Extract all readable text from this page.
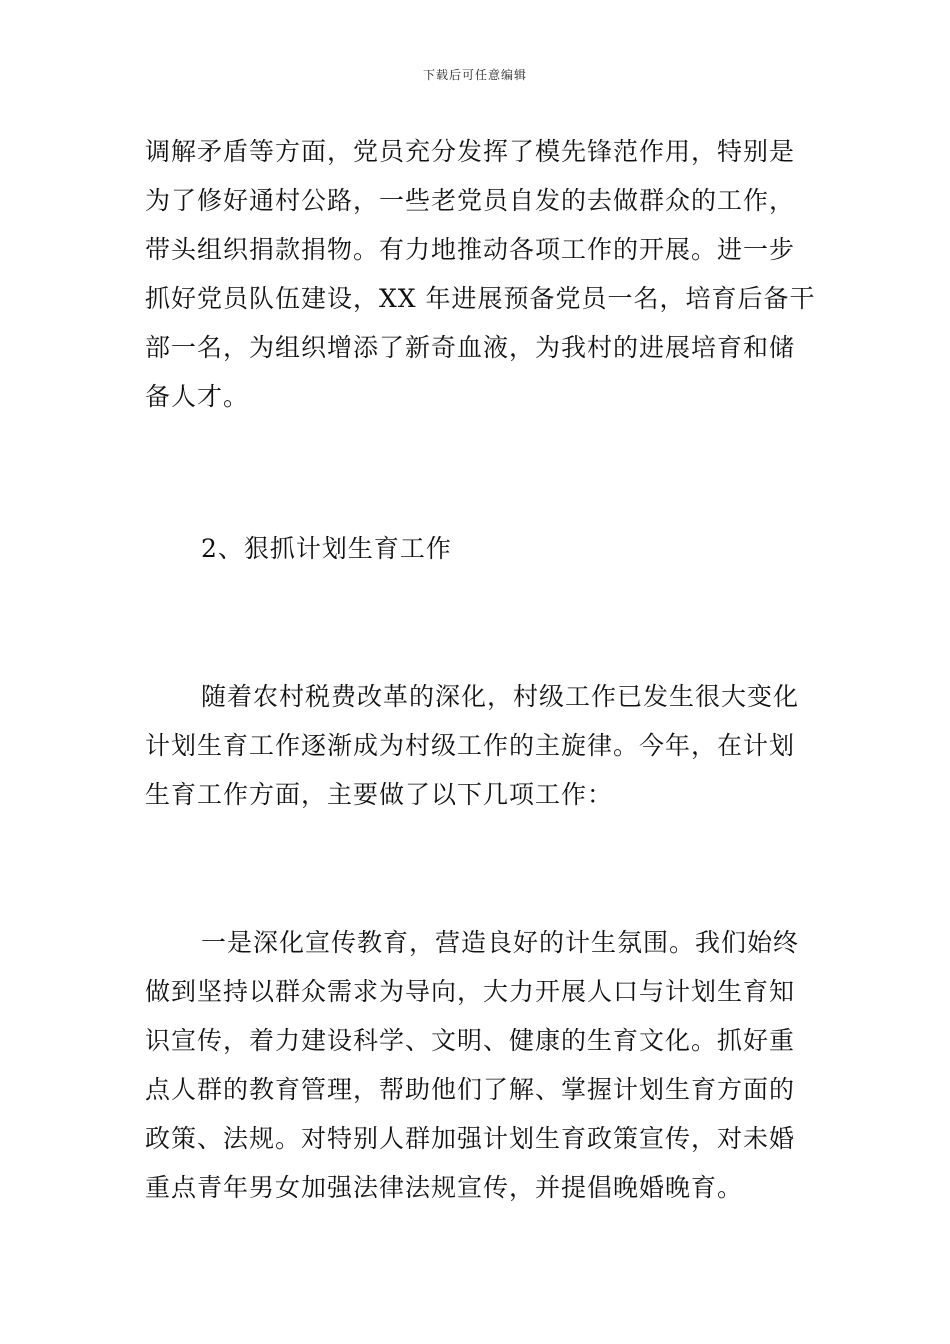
下载后可任意编辑
调解矛盾等方面，党员充分发挥了模先锋范作用，特别是
为了修好通村公路，一些老党员自发的去做群众的工作，
带头组织捐款捐物。有力地推动各项工作的开展。进一步
抓好党员队伍建设，XX 年进展预备党员一名，培育后备干
部一名，为组织增添了新奇血液，为我村的进展培育和储
备人才。
2、狠抓计划生育工作
随着农村税费改革的深化，村级工作已发生很大变化
计划生育工作逐渐成为村级工作的主旋律。今年，在计划
生育工作方面，主要做了以下几项工作：
一是深化宣传教育，营造良好的计生氛围。我们始终
做到坚持以群众需求为导向，大力开展人口与计划生育知
识宣传，着力建设科学、文明、健康的生育文化。抓好重
点人群的教育管理，帮助他们了解、掌握计划生育方面的
政策、法规。对特别人群加强计划生育政策宣传，对未婚
重点青年男女加强法律法规宣传，并提倡晚婚晚育。
